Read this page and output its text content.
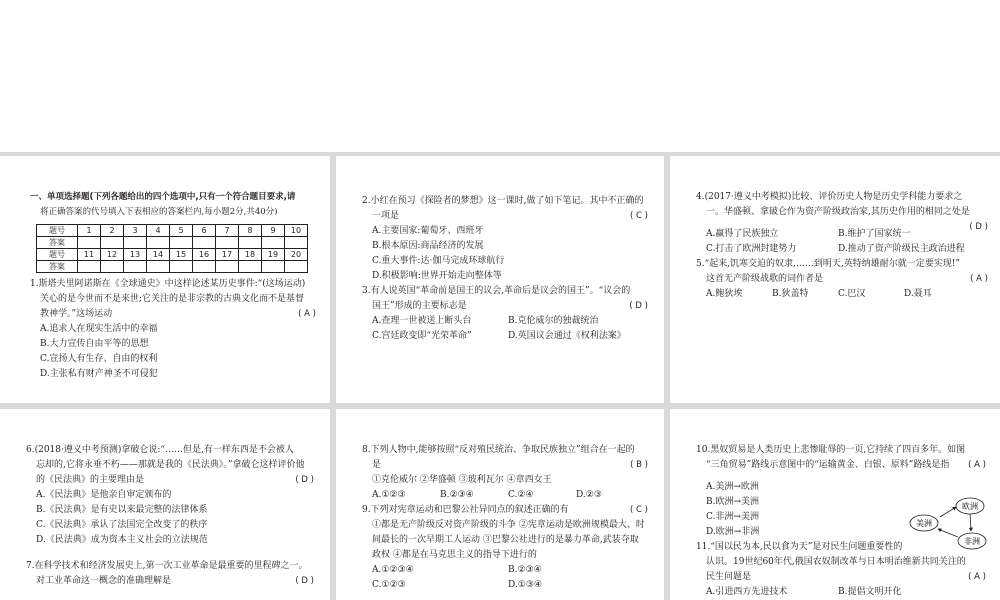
一、单项选择题(下列各题给出的四个选项中,只有一个符合题目要求,请
将正确答案的代号填入下表相应的答案栏内,每小题2分,共40分)
题号	1	2	3	4	5	6	7	8	9	10
答案										
题号	11	12	13	14	15	16	17	18	19	20
答案										
1.斯塔夫里阿诺斯在《全球通史》中这样论述某历史事件:“(这场运动)
关心的是今世而不是来世;它关注的是非宗教的古典文化而不是基督
教神学。”这场运动	( A )
A.追求人在现实生活中的幸福
B.大力宣传自由平等的思想
C.宣扬人有生存、自由的权利
D.主张私有财产神圣不可侵犯
2.小红在预习《探险者的梦想》这一课时,做了如下笔记。其中不正确的
一项是	( C )
A.主要国家:葡萄牙、西班牙
B.根本原因:商品经济的发展
C.重大事件:达·伽马完成环球航行
D.积极影响:世界开始走向整体等
3.有人说英国“革命前是国王的议会,革命后是议会的国王”。“议会的
国王”形成的主要标志是	( D )
A.查理一世被送上断头台	B.克伦威尔的独裁统治
C.宫廷政变即“光荣革命”	D.英国议会通过《权利法案》
4.(2017·遵义中考模拟)比较、评价历史人物是历史学科能力要求之
一。华盛顿、拿破仑作为资产阶级政治家,其历史作用的相同之处是
( D )
A.赢得了民族独立	B.维护了国家统一
C.打击了欧洲封建势力	D.推动了资产阶级民主政治进程
5.“起来,饥寒交迫的奴隶,……到明天,英特纳雄耐尔就一定要实现!”
这首无产阶级战歌的词作者是	( A )
A.鲍狄埃	B.狄盖特	C.巴汉	D.聂耳
6.(2018·遵义中考预测)拿破仑说:“……但是,有一样东西是不会被人
忘却的,它将永垂不朽——那就是我的《民法典》。”拿破仑这样评价他
的《民法典》的主要理由是	( D )
A.《民法典》是他亲自审定颁布的
B.《民法典》是有史以来最完整的法律体系
C.《民法典》承认了法国完全改变了的秩序
D.《民法典》成为资本主义社会的立法规范
7.在科学技术和经济发展史上,第一次工业革命是最重要的里程碑之一。
对工业革命这一概念的准确理解是	( D )
8.下列人物中,能够按照“反对殖民统治、争取民族独立”组合在一起的
是	( B )
①克伦威尔 ②华盛顿 ③玻利瓦尔 ④章西女王
A.①②③	B.②③④	C.②④	D.②③
9.下列对宪章运动和巴黎公社异同点的叙述正确的有
①都是无产阶级反对资产阶级的斗争 ②宪章运动是欧洲规模最大、时
间最长的一次早期工人运动 ③巴黎公社进行的是暴力革命,武装夺取
政权 ④都是在马克思主义的指导下进行的
( C )
A.①②③④	B.②③④
C.①②③	D.①③④
10.黑奴贸易是人类历史上悲惨耻辱的一页,它持续了四百多年。如图
“三角贸易”路线示意图中的“运输黄金、白银、原料”路线是指	( A )
A.美洲→欧洲
B.欧洲→美洲
C.非洲→美洲
D.欧洲→非洲
11.“国以民为本,民以食为天”是对民生问题重要性的
认识。19世纪60年代,俄国农奴制改革与日本明治维新共同关注的
民生问题是	( A )
A.引进西方先进技术	B.提倡文明开化
欧洲
美洲
非洲
